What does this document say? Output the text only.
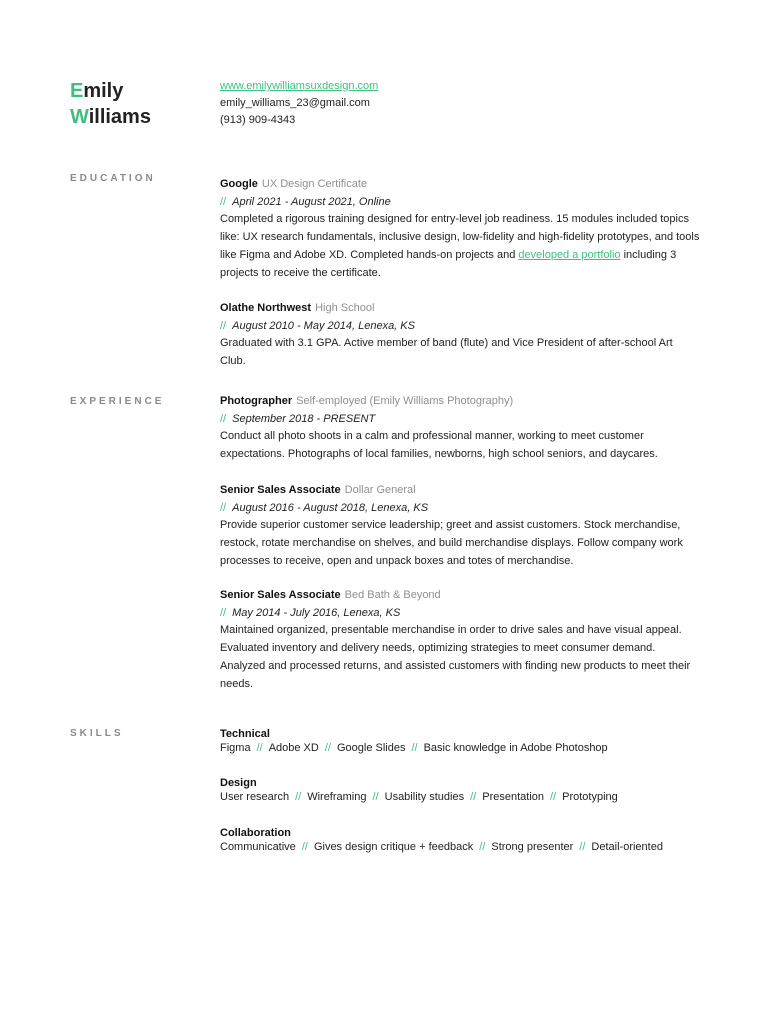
Emily
Williams
www.emilywilliamsuxdesign.com
emily_williams_23@gmail.com
(913) 909-4343
EDUCATION	Google UX Design Certificate
// April 2021 - August 2021, Online
Completed a rigorous training designed for entry-level job readiness. 15 modules included topics like: UX research fundamentals, inclusive design, low-fidelity and high-fidelity prototypes, and tools like Figma and Adobe XD. Completed hands-on projects and developed a portfolio including 3 projects to receive the certificate.
Olathe Northwest High School
// August 2010 - May 2014, Lenexa, KS
Graduated with 3.1 GPA. Active member of band (flute) and Vice President of after-school Art Club.
EXPERIENCE	Photographer Self-employed (Emily Williams Photography)
// September 2018 - PRESENT
Conduct all photo shoots in a calm and professional manner, working to meet customer expectations. Photographs of local families, newborns, high school seniors, and daycares.
Senior Sales Associate Dollar General
// August 2016 - August 2018, Lenexa, KS
Provide superior customer service leadership; greet and assist customers. Stock merchandise, restock, rotate merchandise on shelves, and build merchandise displays. Follow company work processes to receive, open and unpack boxes and totes of merchandise.
Senior Sales Associate Bed Bath & Beyond
// May 2014 - July 2016, Lenexa, KS
Maintained organized, presentable merchandise in order to drive sales and have visual appeal. Evaluated inventory and delivery needs, optimizing strategies to meet consumer demand. Analyzed and processed returns, and assisted customers with finding new products to meet their needs.
SKILLS	Technical
Figma // Adobe XD // Google Slides // Basic knowledge in Adobe Photoshop
Design
User research // Wireframing // Usability studies // Presentation // Prototyping
Collaboration
Communicative // Gives design critique + feedback // Strong presenter // Detail-oriented
